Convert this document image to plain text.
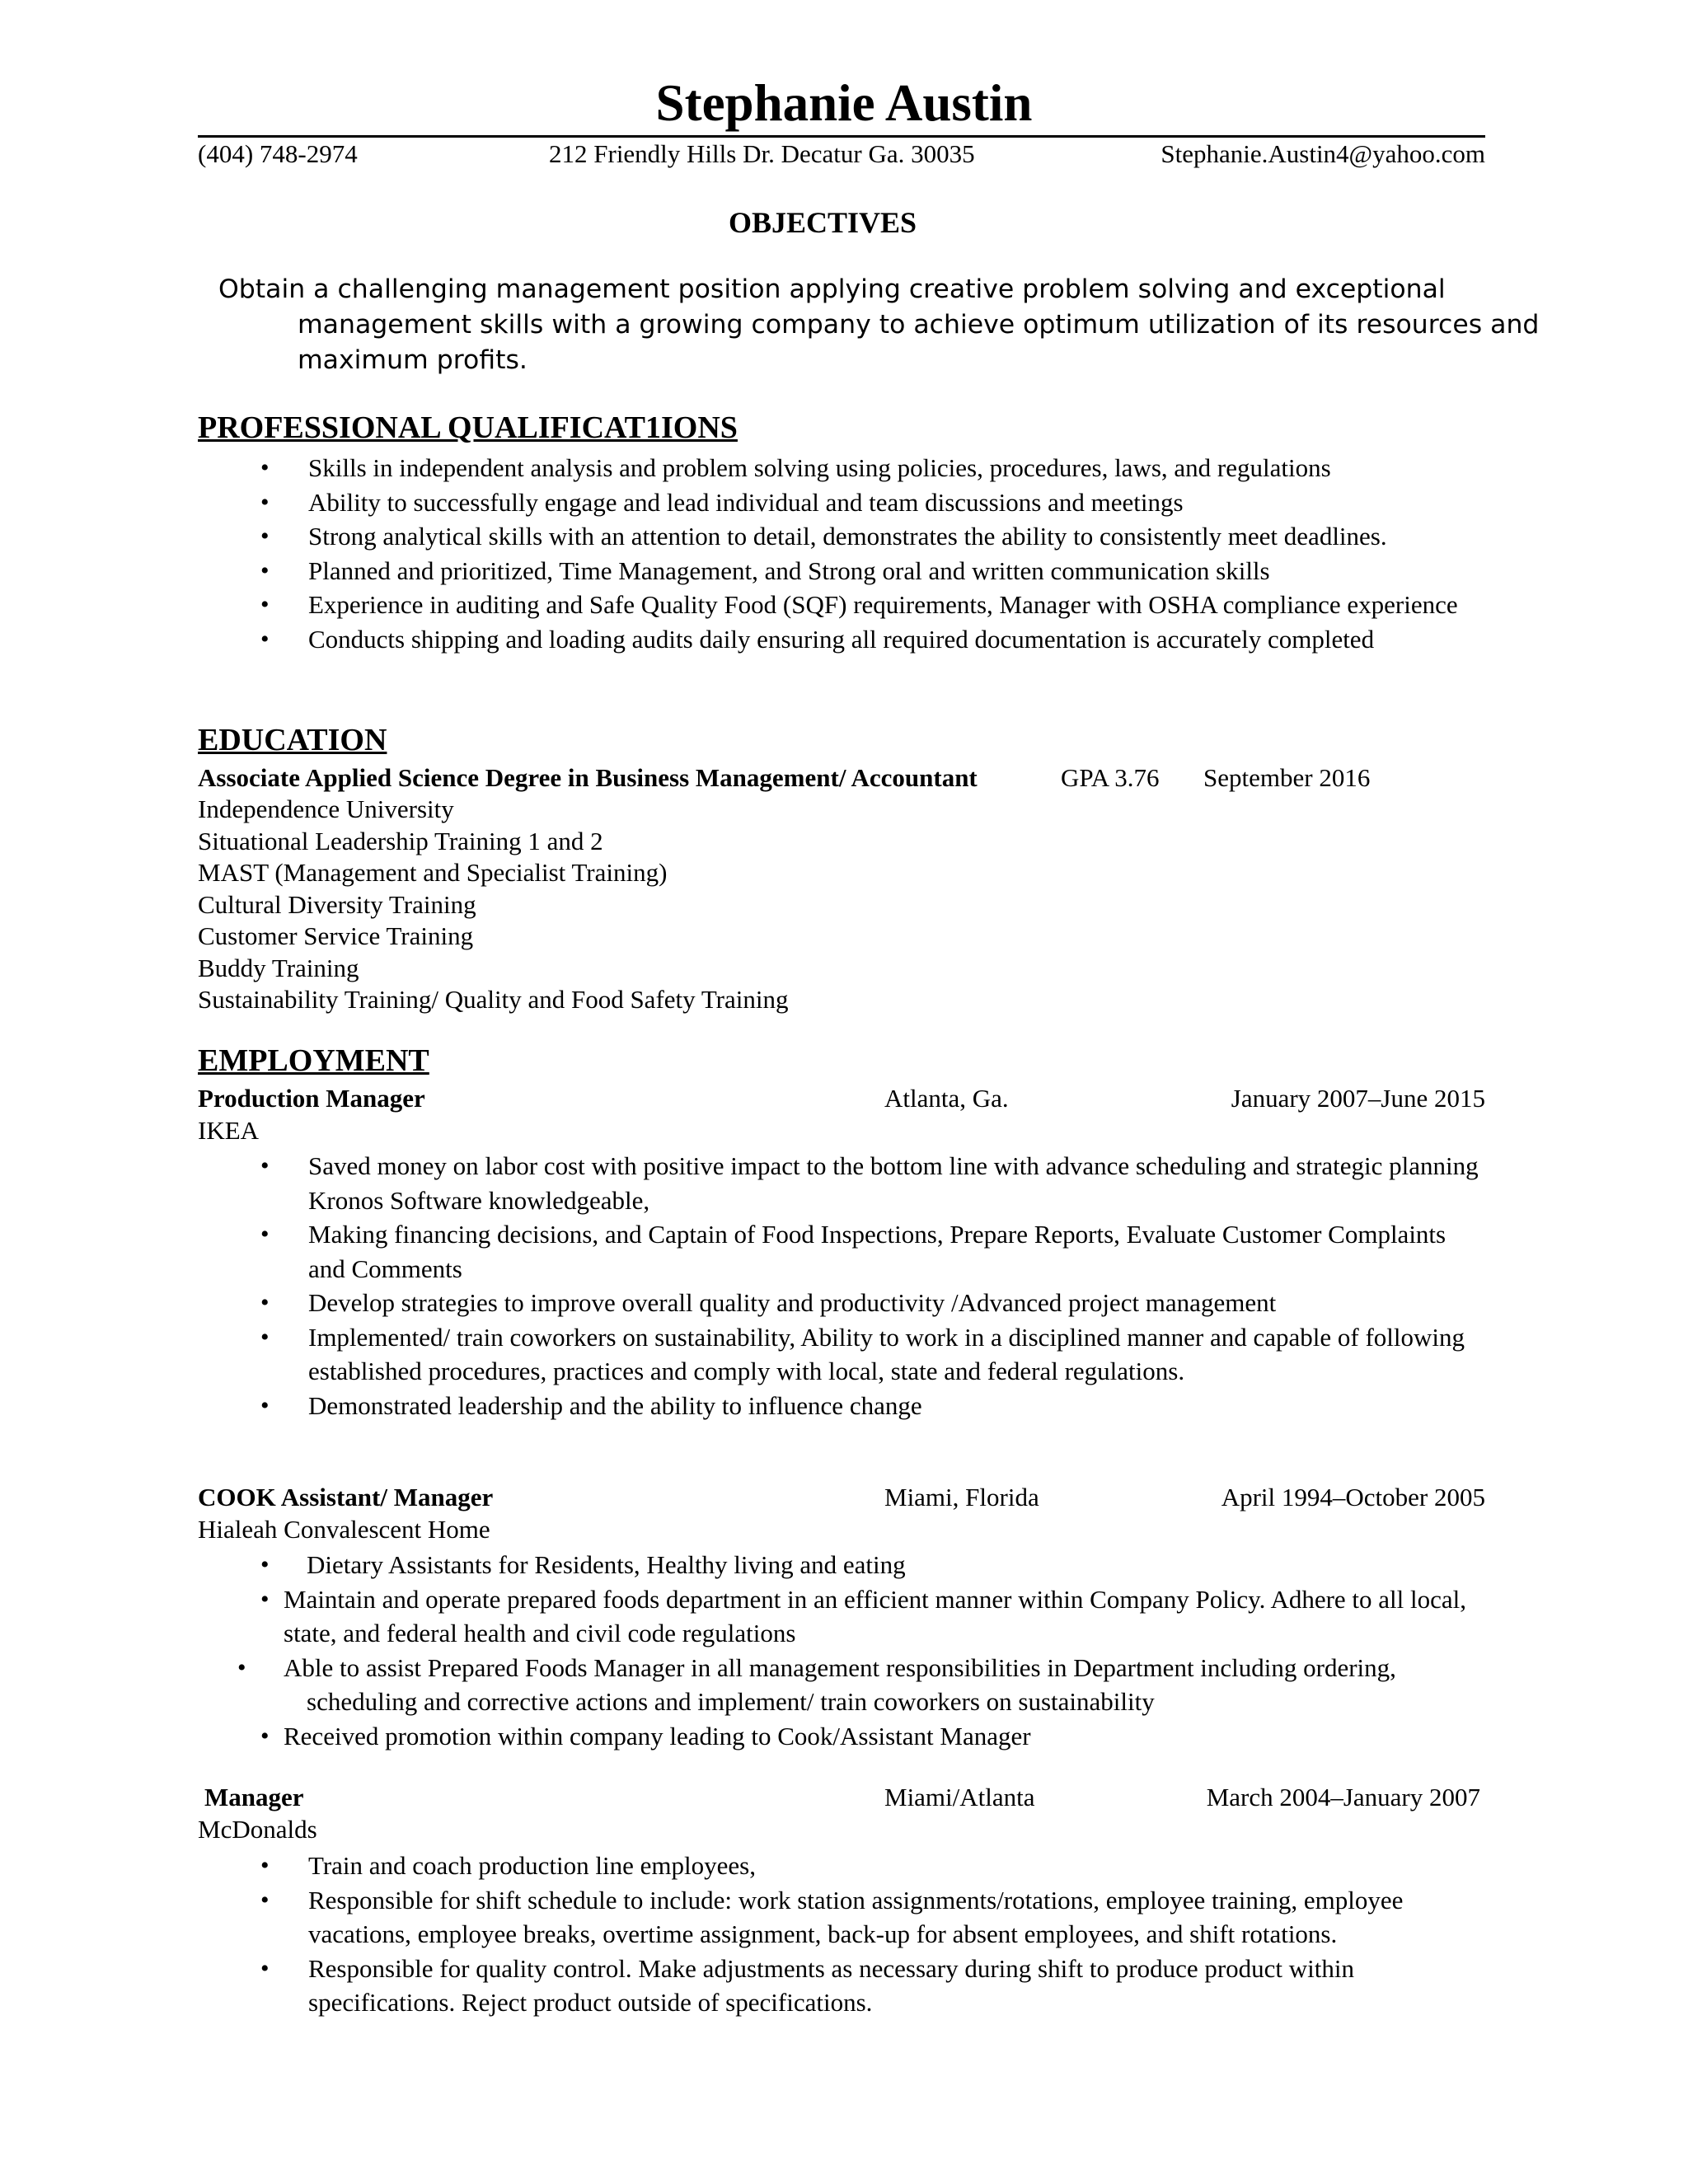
Stephanie Austin
(404) 748-2974	212 Friendly Hills Dr. Decatur Ga. 30035	Stephanie.Austin4@yahoo.com
OBJECTIVES
Obtain a challenging management position applying creative problem solving and exceptional management skills with a growing company to achieve optimum utilization of its resources and maximum profits.
PROFESSIONAL QUALIFICAT1IONS
• Skills in independent analysis and problem solving using policies, procedures, laws, and regulations
• Ability to successfully engage and lead individual and team discussions and meetings
• Strong analytical skills with an attention to detail, demonstrates the ability to consistently meet deadlines.
• Planned and prioritized, Time Management, and Strong oral and written communication skills
• Experience in auditing and Safe Quality Food (SQF) requirements, Manager with OSHA compliance experience
• Conducts shipping and loading audits daily ensuring all required documentation is accurately completed
EDUCATION
Associate Applied Science Degree in Business Management/ Accountant	GPA 3.76 September 2016
Independence University
Situational Leadership Training 1 and 2
MAST (Management and Specialist Training)
Cultural Diversity Training
Customer Service Training
Buddy Training
Sustainability Training/ Quality and Food Safety Training
EMPLOYMENT
Production Manager	Atlanta, Ga.	January 2007–June 2015
IKEA
• Saved money on labor cost with positive impact to the bottom line with advance scheduling and strategic planning Kronos Software knowledgeable,
• Making financing decisions, and Captain of Food Inspections, Prepare Reports, Evaluate Customer Complaints and Comments
• Develop strategies to improve overall quality and productivity /Advanced project management
• Implemented/ train coworkers on sustainability, Ability to work in a disciplined manner and capable of following established procedures, practices and comply with local, state and federal regulations.
• Demonstrated leadership and the ability to influence change
COOK Assistant/ Manager	Miami, Florida	April 1994–October 2005
Hialeah Convalescent Home
• Dietary Assistants for Residents, Healthy living and eating
• Maintain and operate prepared foods department in an efficient manner within Company Policy. Adhere to all local, state, and federal health and civil code regulations
• Able to assist Prepared Foods Manager in all management responsibilities in Department including ordering, scheduling and corrective actions and implement/ train coworkers on sustainability
• Received promotion within company leading to Cook/Assistant Manager
Manager	Miami/Atlanta	March 2004–January 2007
McDonalds
• Train and coach production line employees,
• Responsible for shift schedule to include: work station assignments/rotations, employee training, employee vacations, employee breaks, overtime assignment, back-up for absent employees, and shift rotations.
• Responsible for quality control. Make adjustments as necessary during shift to produce product within specifications. Reject product outside of specifications.
